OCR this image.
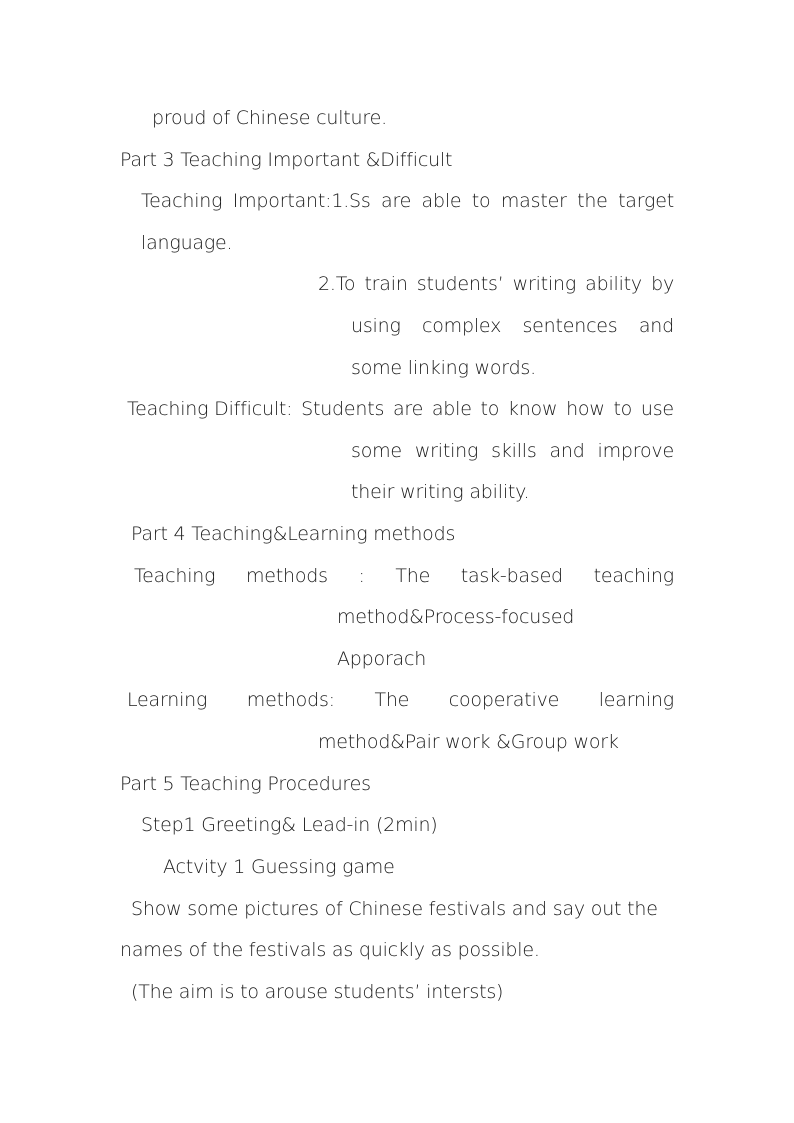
proud of Chinese culture.
Part 3 Teaching Important &Difficult
Teaching Important:1.Ss are able to master the target
language.
2.To train students’ writing ability by
using complex sentences and
some linking words.
Teaching Difficult: Students are able to know how to use
some writing skills and improve
their writing ability.
Part 4 Teaching&Learning methods
Teaching methods : The task-based teaching
method&Process-focused
Apporach
Learning methods: The cooperative learning
method&Pair work &Group work
Part 5 Teaching Procedures
Step1 Greeting& Lead-in (2min)
Actvity 1 Guessing game
Show some pictures of Chinese festivals and say out the
names of the festivals as quickly as possible.
(The aim is to arouse students’ intersts)
